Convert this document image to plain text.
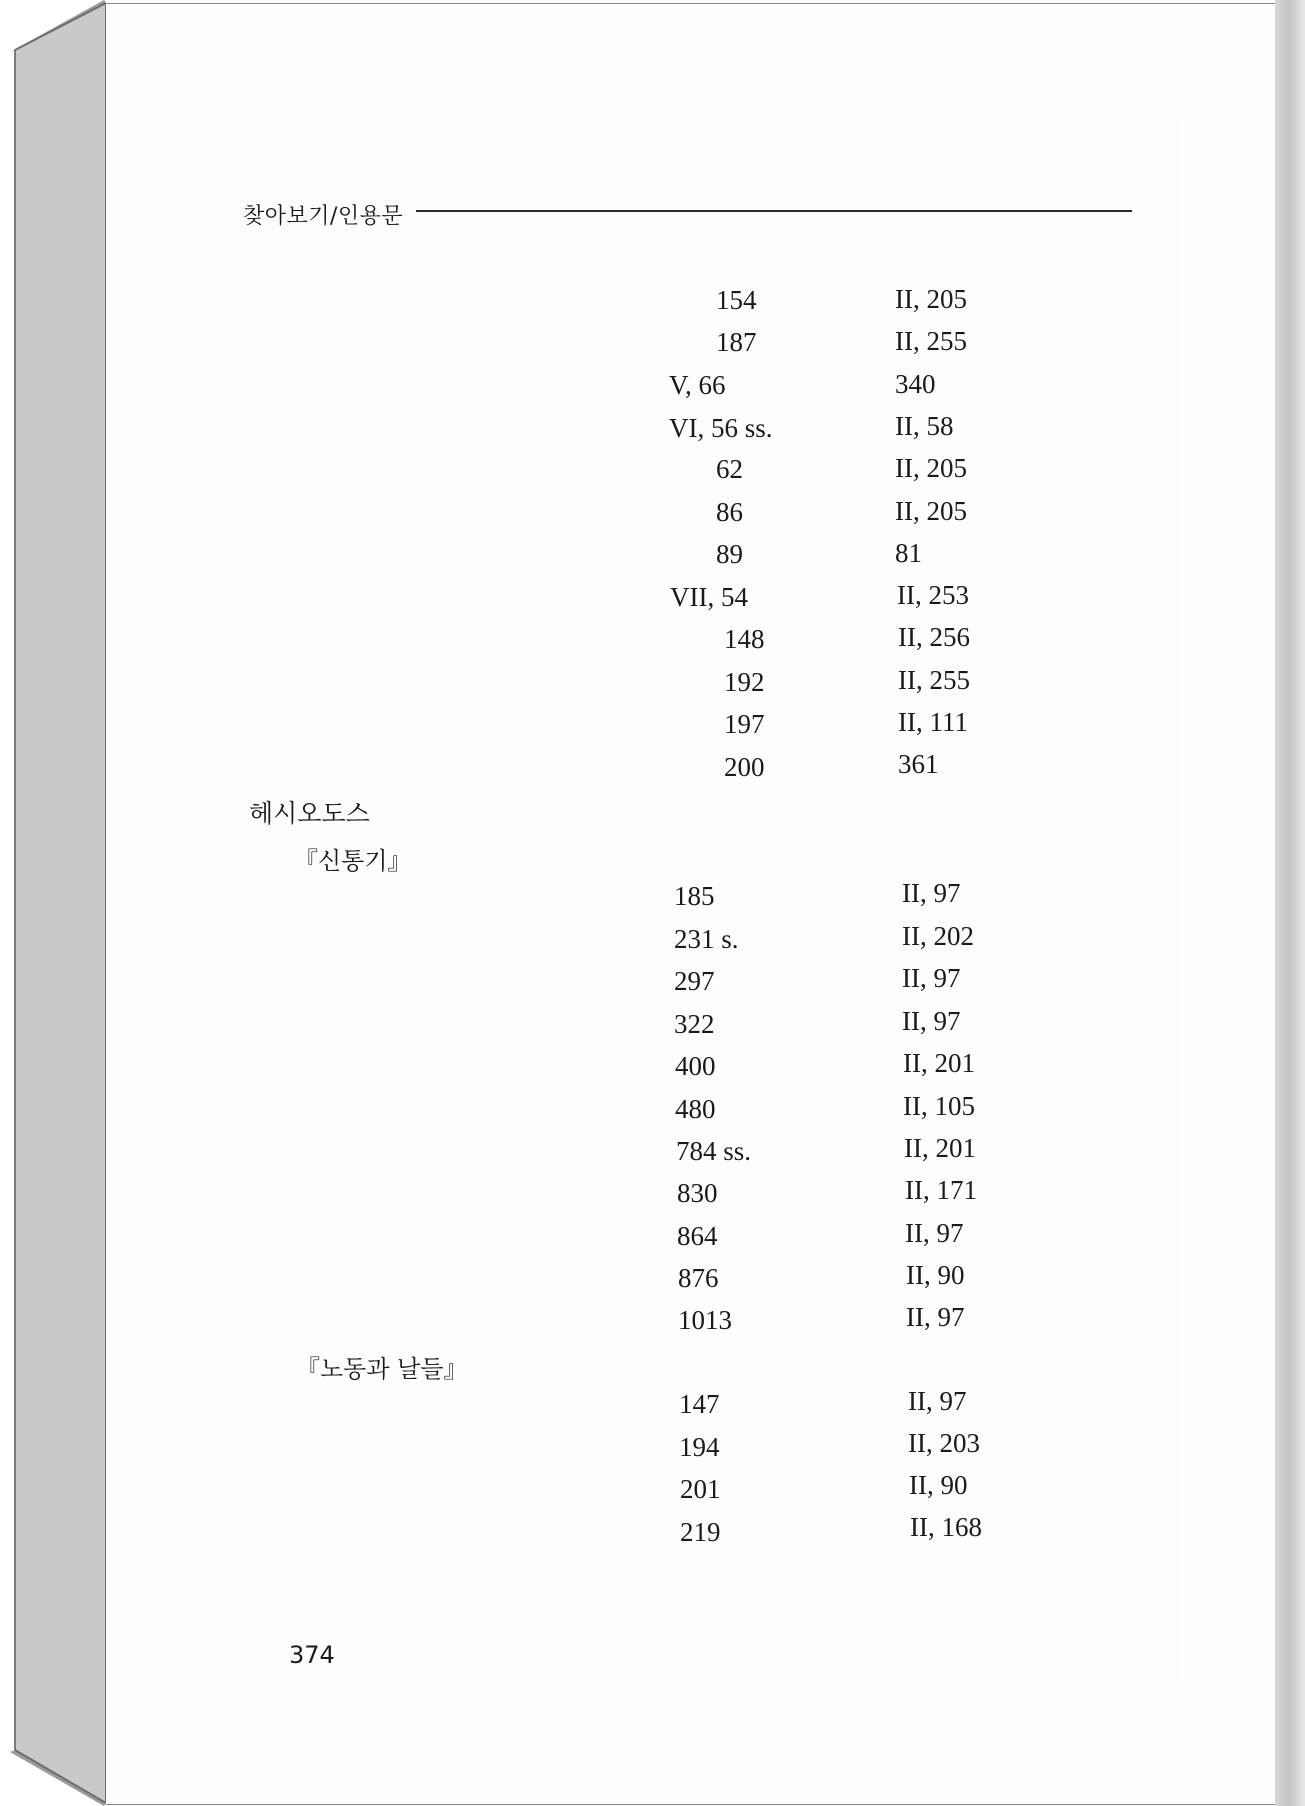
찾아보기/인용문
154	II, 205
187	II, 255
V, 66	340
VI, 56 ss.	II, 58
62	II, 205
86	II, 205
89	81
VII, 54	II, 253
148	II, 256
192	II, 255
197	II, 111
200	361
헤시오도스
『신통기』
185	II, 97
231 s.	II, 202
297	II, 97
322	II, 97
400	II, 201
480	II, 105
784 ss.	II, 201
830	II, 171
864	II, 97
876	II, 90
1013	II, 97
『노동과 날들』
147	II, 97
194	II, 203
201	II, 90
219	II, 168
374
